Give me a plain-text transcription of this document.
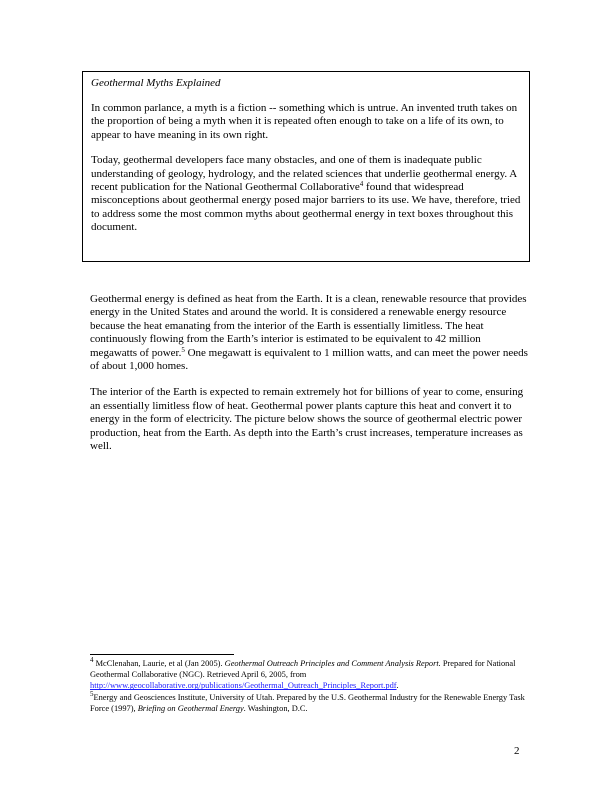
Geothermal Myths Explained

In common parlance, a myth is a fiction -- something which is untrue. An invented truth takes on the proportion of being a myth when it is repeated often enough to take on a life of its own, to appear to have meaning in its own right.

Today, geothermal developers face many obstacles, and one of them is inadequate public understanding of geology, hydrology, and the related sciences that underlie geothermal energy. A recent publication for the National Geothermal Collaborative$^4$ found that widespread misconceptions about geothermal energy posed major barriers to its use. We have, therefore, tried to address some the most common myths about geothermal energy in text boxes throughout this document.

Geothermal energy is defined as heat from the Earth. It is a clean, renewable resource that provides energy in the United States and around the world. It is considered a renewable energy resource because the heat emanating from the interior of the Earth is essentially limitless. The heat continuously flowing from the Earth’s interior is estimated to be equivalent to 42 million megawatts of power.$^5$ One megawatt is equivalent to 1 million watts, and can meet the power needs of about 1,000 homes.

The interior of the Earth is expected to remain extremely hot for billions of year to come, ensuring an essentially limitless flow of heat. Geothermal power plants capture this heat and convert it to energy in the form of electricity. The picture below shows the source of geothermal electric power production, heat from the Earth. As depth into the Earth’s crust increases, temperature increases as well.

$^4$ McClenahan, Laurie, et al (Jan 2005). Geothermal Outreach Principles and Comment Analysis Report. Prepared for National Geothermal Collaborative (NGC). Retrieved April 6, 2005, from http://www.geocollaborative.org/publications/Geothermal_Outreach_Principles_Report.pdf.

$^5$Energy and Geosciences Institute, University of Utah. Prepared by the U.S. Geothermal Industry for the Renewable Energy Task Force (1997), Briefing on Geothermal Energy. Washington, D.C.

2
